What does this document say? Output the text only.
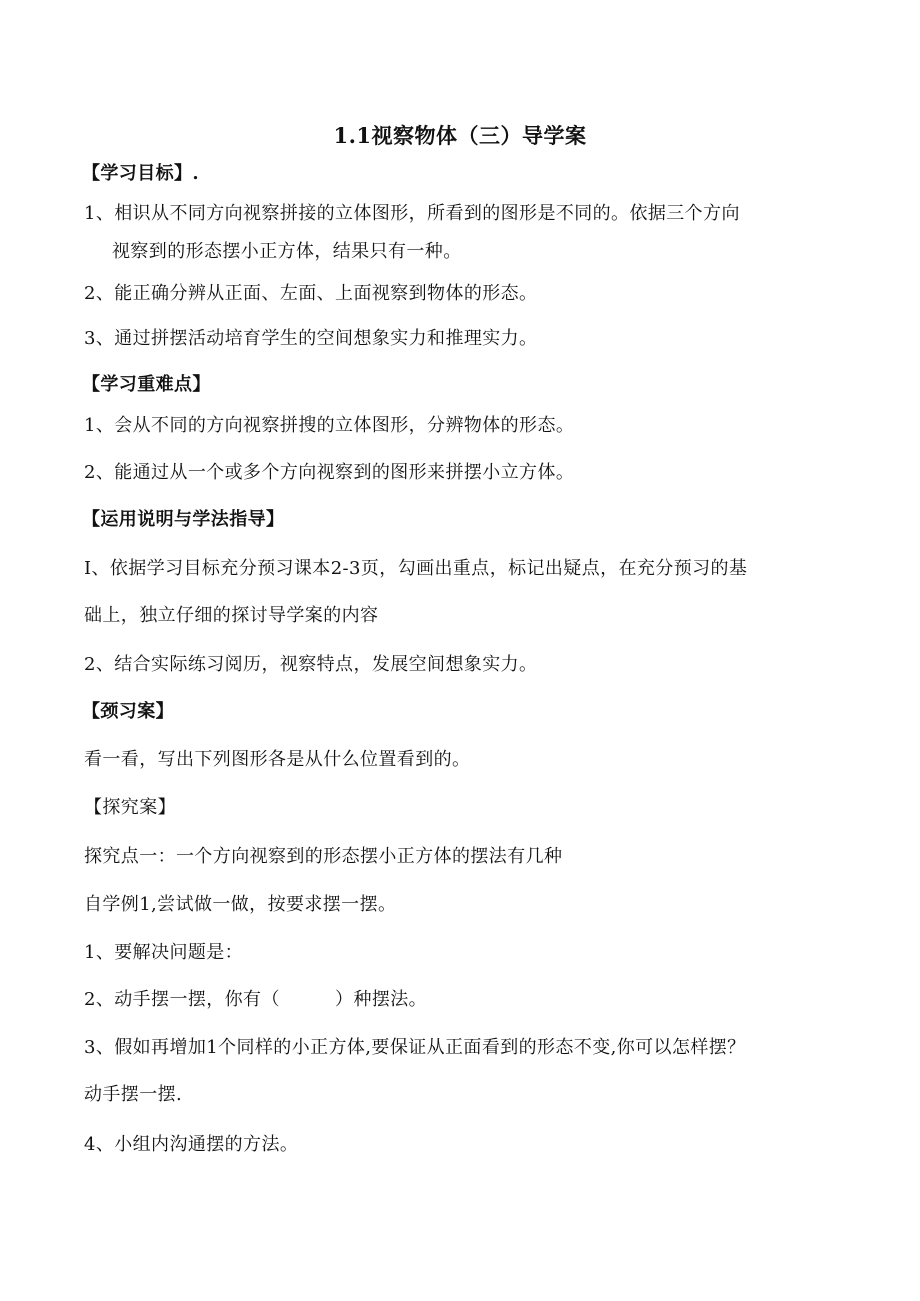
1.1视察物体（三）导学案
【学习目标】.
1、相识从不同方向视察拼接的立体图形，所看到的图形是不同的。依据三个方向
视察到的形态摆小正方体，结果只有一种。
2、能正确分辨从正面、左面、上面视察到物体的形态。
3、通过拼摆活动培育学生的空间想象实力和推理实力。
【学习重难点】
1、会从不同的方向视察拼搜的立体图形，分辨物体的形态。
2、能通过从一个或多个方向视察到的图形来拼摆小立方体。
【运用说明与学法指导】
I、依据学习目标充分预习课本2-3页，勾画出重点，标记出疑点，在充分预习的基
础上，独立仔细的探讨导学案的内容
2、结合实际练习阅历，视察特点，发展空间想象实力。
【颈习案】
看一看，写出下列图形各是从什么位置看到的。
【探究案】
探究点一：一个方向视察到的形态摆小正方体的摆法有几种
自学例1,尝试做一做，按要求摆一摆。
1、要解决问题是：
2、动手摆一摆，你有（　　　）种摆法。
3、假如再增加1个同样的小正方体,要保证从正面看到的形态不变,你可以怎样摆？
动手摆一摆.
4、小组内沟通摆的方法。
